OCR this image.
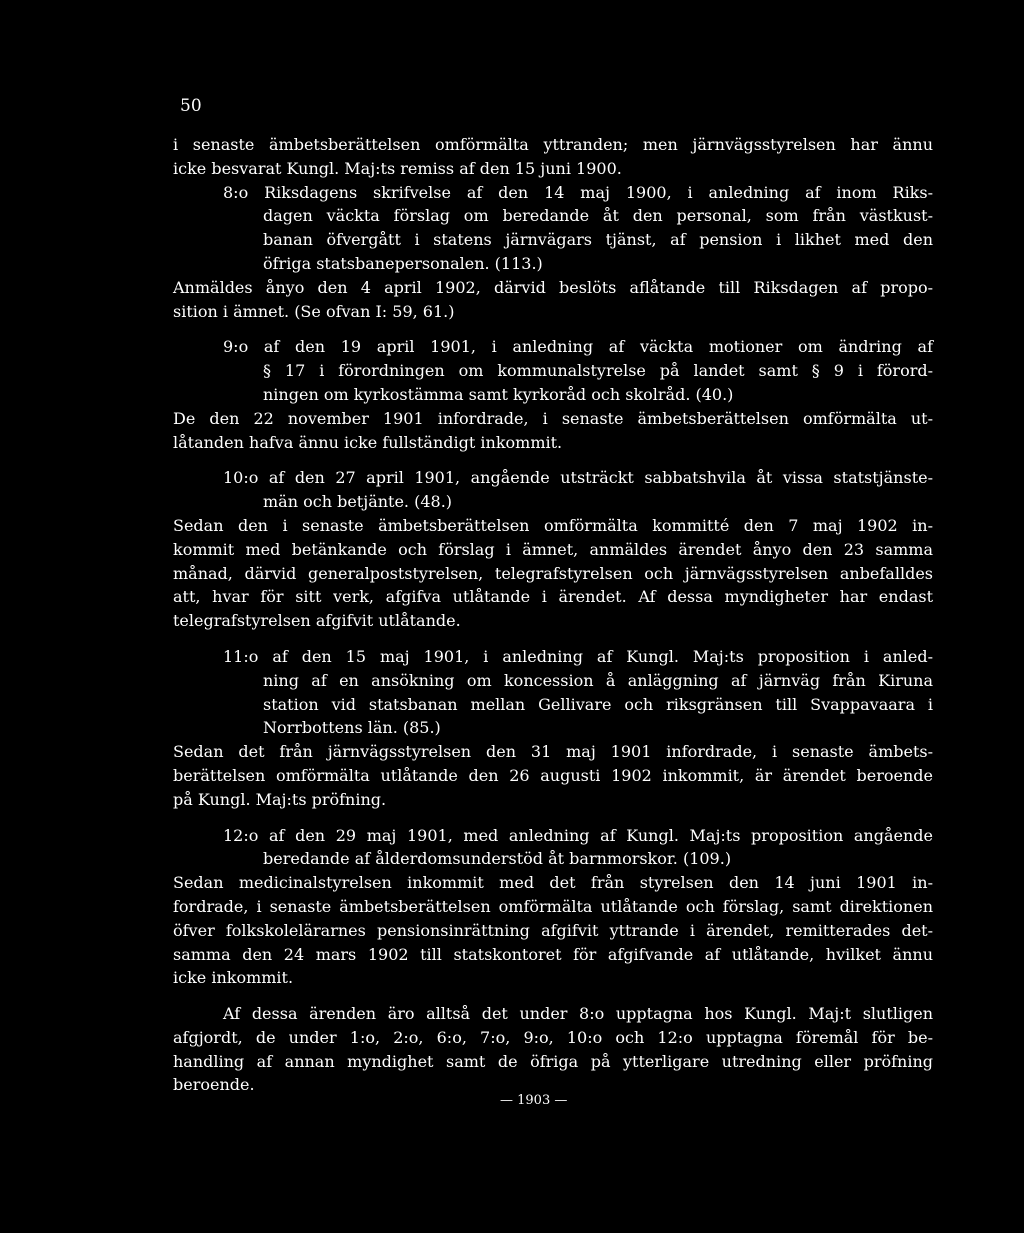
50
i senaste ämbetsberättelsen omförmälta yttranden; men järnvägsstyrelsen har ännu
icke besvarat Kungl. Maj:ts remiss af den 15 juni 1900.
8:o Riksdagens skrifvelse af den 14 maj 1900, i anledning af inom Riks-
dagen väckta förslag om beredande åt den personal, som från västkust-
banan öfvergått i statens järnvägars tjänst, af pension i likhet med den
öfriga statsbanepersonalen. (113.)
Anmäldes ånyo den 4 april 1902, därvid beslöts aflåtande till Riksdagen af propo-
sition i ämnet. (Se ofvan I: 59, 61.)
9:o af den 19 april 1901, i anledning af väckta motioner om ändring af
§ 17 i förordningen om kommunalstyrelse på landet samt § 9 i förord-
ningen om kyrkostämma samt kyrkoråd och skolråd. (40.)
De den 22 november 1901 infordrade, i senaste ämbetsberättelsen omförmälta ut-
låtanden hafva ännu icke fullständigt inkommit.
10:o af den 27 april 1901, angående utsträckt sabbatshvila åt vissa statstjänste-
män och betjänte. (48.)
Sedan den i senaste ämbetsberättelsen omförmälta kommitté den 7 maj 1902 in-
kommit med betänkande och förslag i ämnet, anmäldes ärendet ånyo den 23 samma
månad, därvid generalpoststyrelsen, telegrafstyrelsen och järnvägsstyrelsen anbefalldes
att, hvar för sitt verk, afgifva utlåtande i ärendet. Af dessa myndigheter har endast
telegrafstyrelsen afgifvit utlåtande.
11:o af den 15 maj 1901, i anledning af Kungl. Maj:ts proposition i anled-
ning af en ansökning om koncession å anläggning af järnväg från Kiruna
station vid statsbanan mellan Gellivare och riksgränsen till Svappavaara i
Norrbottens län. (85.)
Sedan det från järnvägsstyrelsen den 31 maj 1901 infordrade, i senaste ämbets-
berättelsen omförmälta utlåtande den 26 augusti 1902 inkommit, är ärendet beroende
på Kungl. Maj:ts pröfning.
12:o af den 29 maj 1901, med anledning af Kungl. Maj:ts proposition angående
beredande af ålderdomsunderstöd åt barnmorskor. (109.)
Sedan medicinalstyrelsen inkommit med det från styrelsen den 14 juni 1901 in-
fordrade, i senaste ämbetsberättelsen omförmälta utlåtande och förslag, samt direktionen
öfver folkskolelärarnes pensionsinrättning afgifvit yttrande i ärendet, remitterades det-
samma den 24 mars 1902 till statskontoret för afgifvande af utlåtande, hvilket ännu
icke inkommit.
Af dessa ärenden äro alltså det under 8:o upptagna hos Kungl. Maj:t slutligen
afgjordt, de under 1:o, 2:o, 6:o, 7:o, 9:o, 10:o och 12:o upptagna föremål för be-
handling af annan myndighet samt de öfriga på ytterligare utredning eller pröfning
beroende.
— 1903 —
